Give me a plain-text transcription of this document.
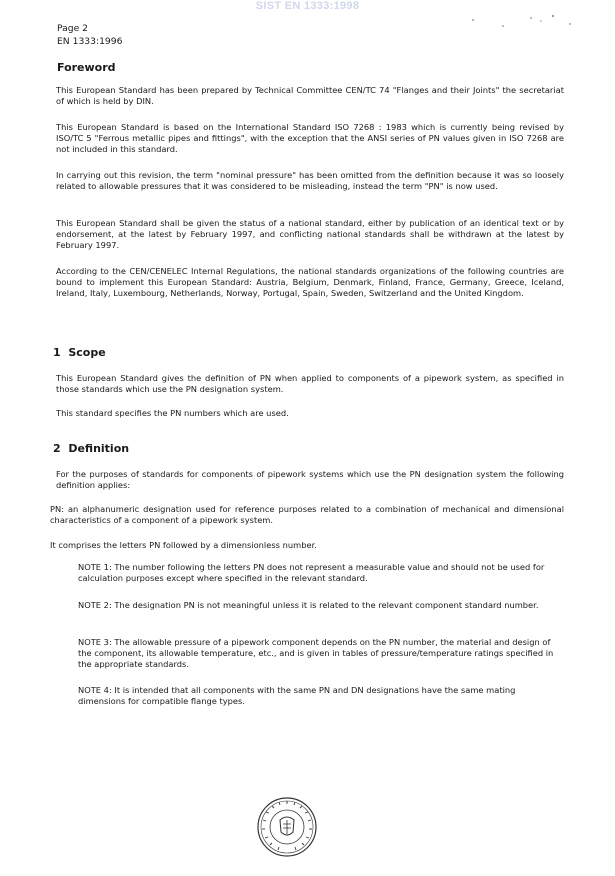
SIST EN 1333:1998
Page 2
EN 1333:1996
Foreword

This European Standard has been prepared by Technical Committee CEN/TC 74 "Flanges and their Joints" the secretariat of which is held by DIN.

This European Standard is based on the International Standard ISO 7268 : 1983 which is currently being revised by ISO/TC 5 "Ferrous metallic pipes and fittings", with the exception that the ANSI series of PN values given in ISO 7268 are not included in this standard.

In carrying out this revision, the term "nominal pressure" has been omitted from the definition because it was so loosely related to allowable pressures that it was considered to be misleading, instead the term "PN" is now used.

This European Standard shall be given the status of a national standard, either by publication of an identical text or by endorsement, at the latest by February 1997, and conflicting national standards shall be withdrawn at the latest by February 1997.

According to the CEN/CENELEC Internal Regulations, the national standards organizations of the following countries are bound to implement this European Standard: Austria, Belgium, Denmark, Finland, France, Germany, Greece, Iceland, Ireland, Italy, Luxembourg, Netherlands, Norway, Portugal, Spain, Sweden, Switzerland and the United Kingdom.

1 Scope

This European Standard gives the definition of PN when applied to components of a pipework system, as specified in those standards which use the PN designation system.

This standard specifies the PN numbers which are used.

2 Definition

For the purposes of standards for components of pipework systems which use the PN designation system the following definition applies:

PN: an alphanumeric designation used for reference purposes related to a combination of mechanical and dimensional characteristics of a component of a pipework system.

It comprises the letters PN followed by a dimensionless number.

NOTE 1: The number following the letters PN does not represent a measurable value and should not be used for calculation purposes except where specified in the relevant standard.

NOTE 2: The designation PN is not meaningful unless it is related to the relevant component standard number.

NOTE 3: The allowable pressure of a pipework component depends on the PN number, the material and design of the component, its allowable temperature, etc., and is given in tables of pressure/temperature ratings specified in the appropriate standards.

NOTE 4: It is intended that all components with the same PN and DN designations have the same mating dimensions for compatible flange types.
